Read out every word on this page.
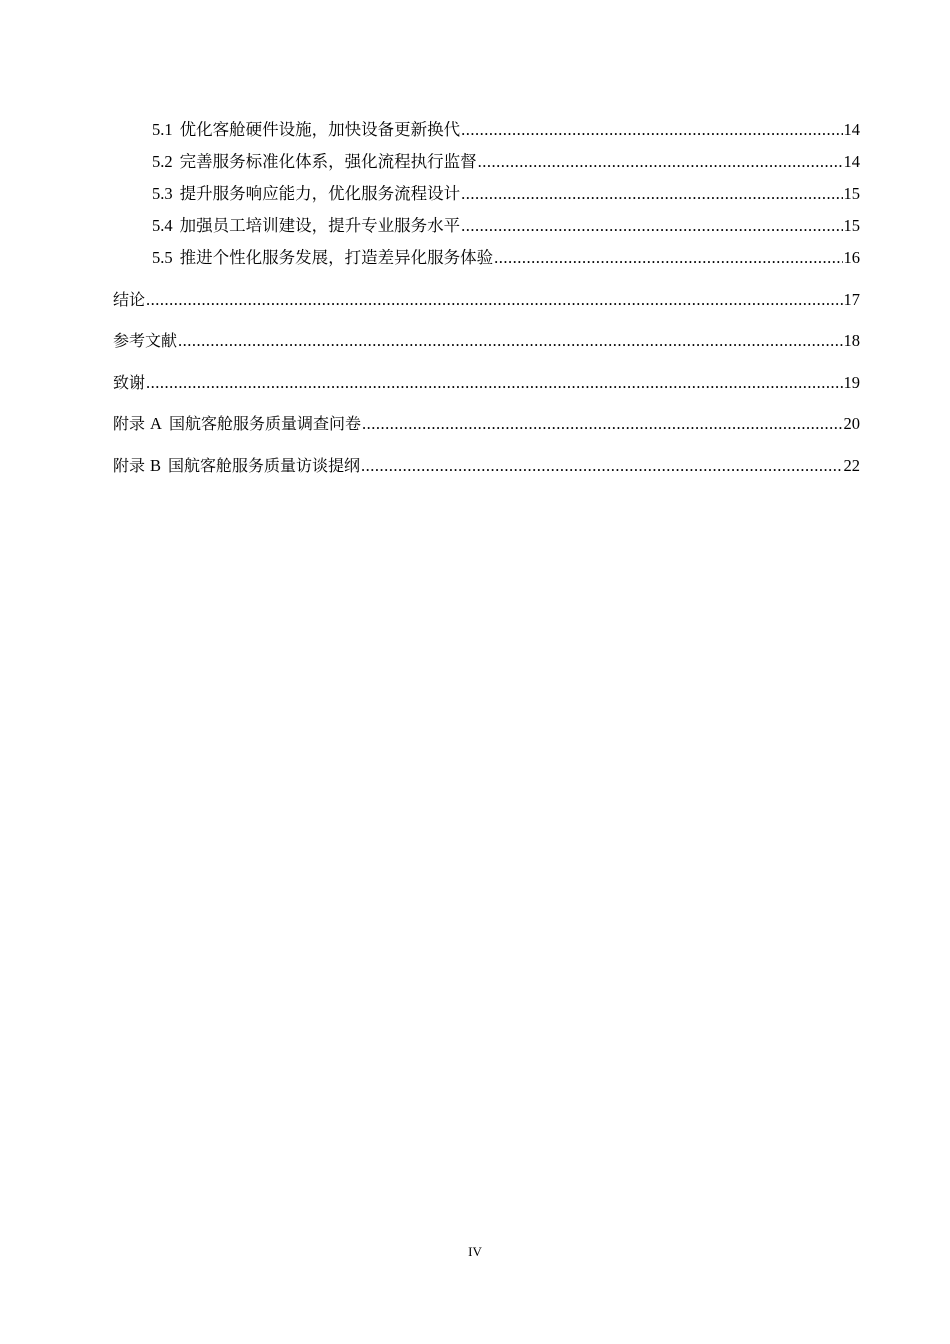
5.1 优化客舱硬件设施，加快设备更新换代 .....	14
5.2 完善服务标准化体系，强化流程执行监督 .....	14
5.3 提升服务响应能力，优化服务流程设计 .....	15
5.4 加强员工培训建设，提升专业服务水平 .....	15
5.5 推进个性化服务发展，打造差异化服务体验 .....	16
结论 .....	17
参考文献 .....	18
致谢 .....	19
附录 A 国航客舱服务质量调查问卷 .....	20
附录 B 国航客舱服务质量访谈提纲 .....	22
IV
